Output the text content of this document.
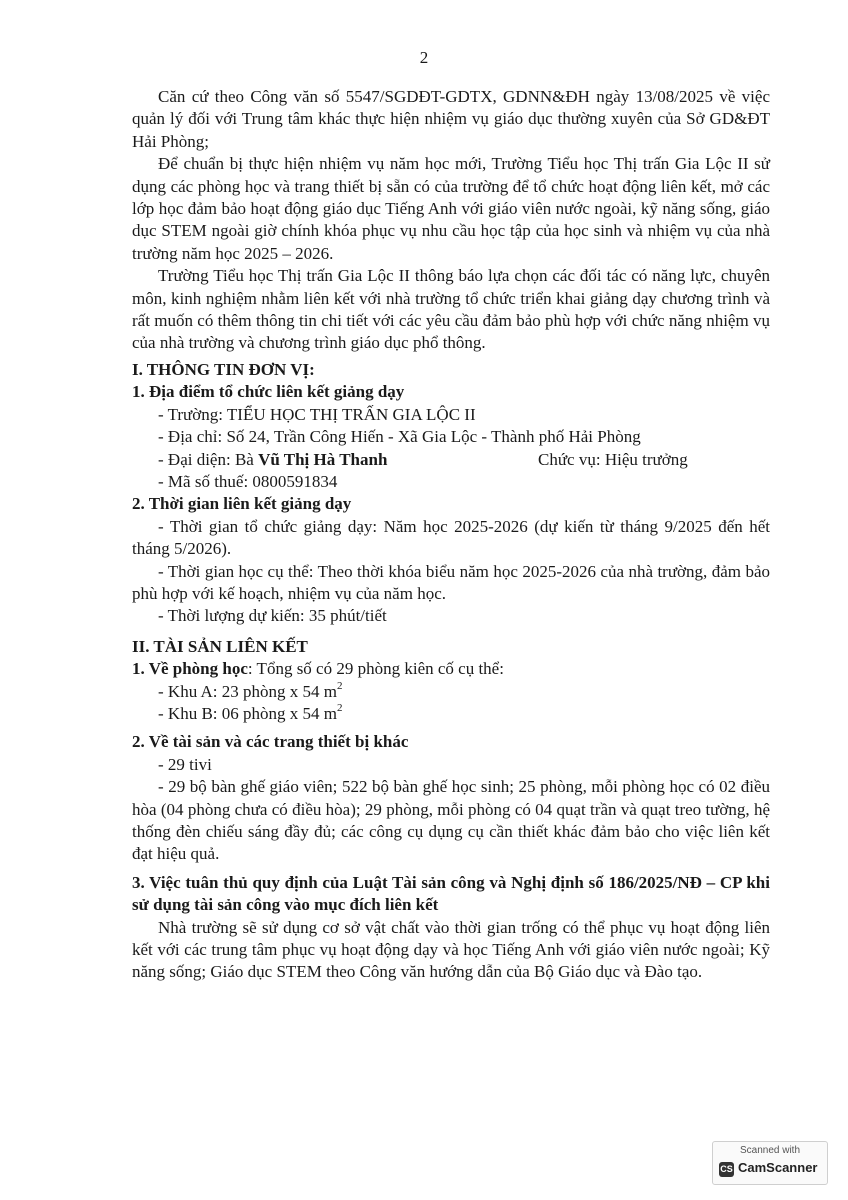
2

Căn cứ theo Công văn số 5547/SGDĐT-GDTX, GDNN&ĐH ngày 13/08/2025 về việc quản lý đối với Trung tâm khác thực hiện nhiệm vụ giáo dục thường xuyên của Sở GD&ĐT Hải Phòng;

Để chuẩn bị thực hiện nhiệm vụ năm học mới, Trường Tiểu học Thị trấn Gia Lộc II sử dụng các phòng học và trang thiết bị sẵn có của trường để tổ chức hoạt động liên kết, mở các lớp học đảm bảo hoạt động giáo dục Tiếng Anh với giáo viên nước ngoài, kỹ năng sống, giáo dục STEM ngoài giờ chính khóa phục vụ nhu cầu học tập của học sinh và nhiệm vụ của nhà trường năm học 2025 – 2026.

Trường Tiểu học Thị trấn Gia Lộc II thông báo lựa chọn các đối tác có năng lực, chuyên môn, kinh nghiệm nhằm liên kết với nhà trường tổ chức triển khai giảng dạy chương trình và rất muốn có thêm thông tin chi tiết với các yêu cầu đảm bảo phù hợp với chức năng nhiệm vụ của nhà trường và chương trình giáo dục phổ thông.

I. THÔNG TIN ĐƠN VỊ:

1. Địa điểm tổ chức liên kết giảng dạy

- Trường: TIỂU HỌC THỊ TRẤN GIA LỘC II

- Địa chỉ: Số 24, Trần Công Hiến - Xã Gia Lộc - Thành phố Hải Phòng

- Đại diện: Bà Vũ Thị Hà Thanh	Chức vụ: Hiệu trưởng

- Mã số thuế: 0800591834

2. Thời gian liên kết giảng dạy

- Thời gian tổ chức giảng dạy: Năm học 2025-2026 (dự kiến từ tháng 9/2025 đến hết tháng 5/2026).

- Thời gian học cụ thể: Theo thời khóa biểu năm học 2025-2026 của nhà trường, đảm bảo phù hợp với kế hoạch, nhiệm vụ của năm học.

- Thời lượng dự kiến: 35 phút/tiết

II. TÀI SẢN LIÊN KẾT

1. Về phòng học: Tổng số có 29 phòng kiên cố cụ thể:

- Khu A: 23 phòng x 54 $m^2$

- Khu B: 06 phòng x 54 $m^2$

2. Về tài sản và các trang thiết bị khác

- 29 tivi

- 29 bộ bàn ghế giáo viên; 522 bộ bàn ghế học sinh; 25 phòng, mỗi phòng học có 02 điều hòa (04 phòng chưa có điều hòa); 29 phòng, mỗi phòng có 04 quạt trần và quạt treo tường, hệ thống đèn chiếu sáng đầy đủ; các công cụ dụng cụ cần thiết khác đảm bảo cho việc liên kết đạt hiệu quả.

3. Việc tuân thủ quy định của Luật Tài sản công và Nghị định số 186/2025/NĐ – CP khi sử dụng tài sản công vào mục đích liên kết

Nhà trường sẽ sử dụng cơ sở vật chất vào thời gian trống có thể phục vụ hoạt động liên kết với các trung tâm phục vụ hoạt động dạy và học Tiếng Anh với giáo viên nước ngoài; Kỹ năng sống; Giáo dục STEM theo Công văn hướng dẫn của Bộ Giáo dục và Đào tạo.

Scanned with
CS CamScanner
